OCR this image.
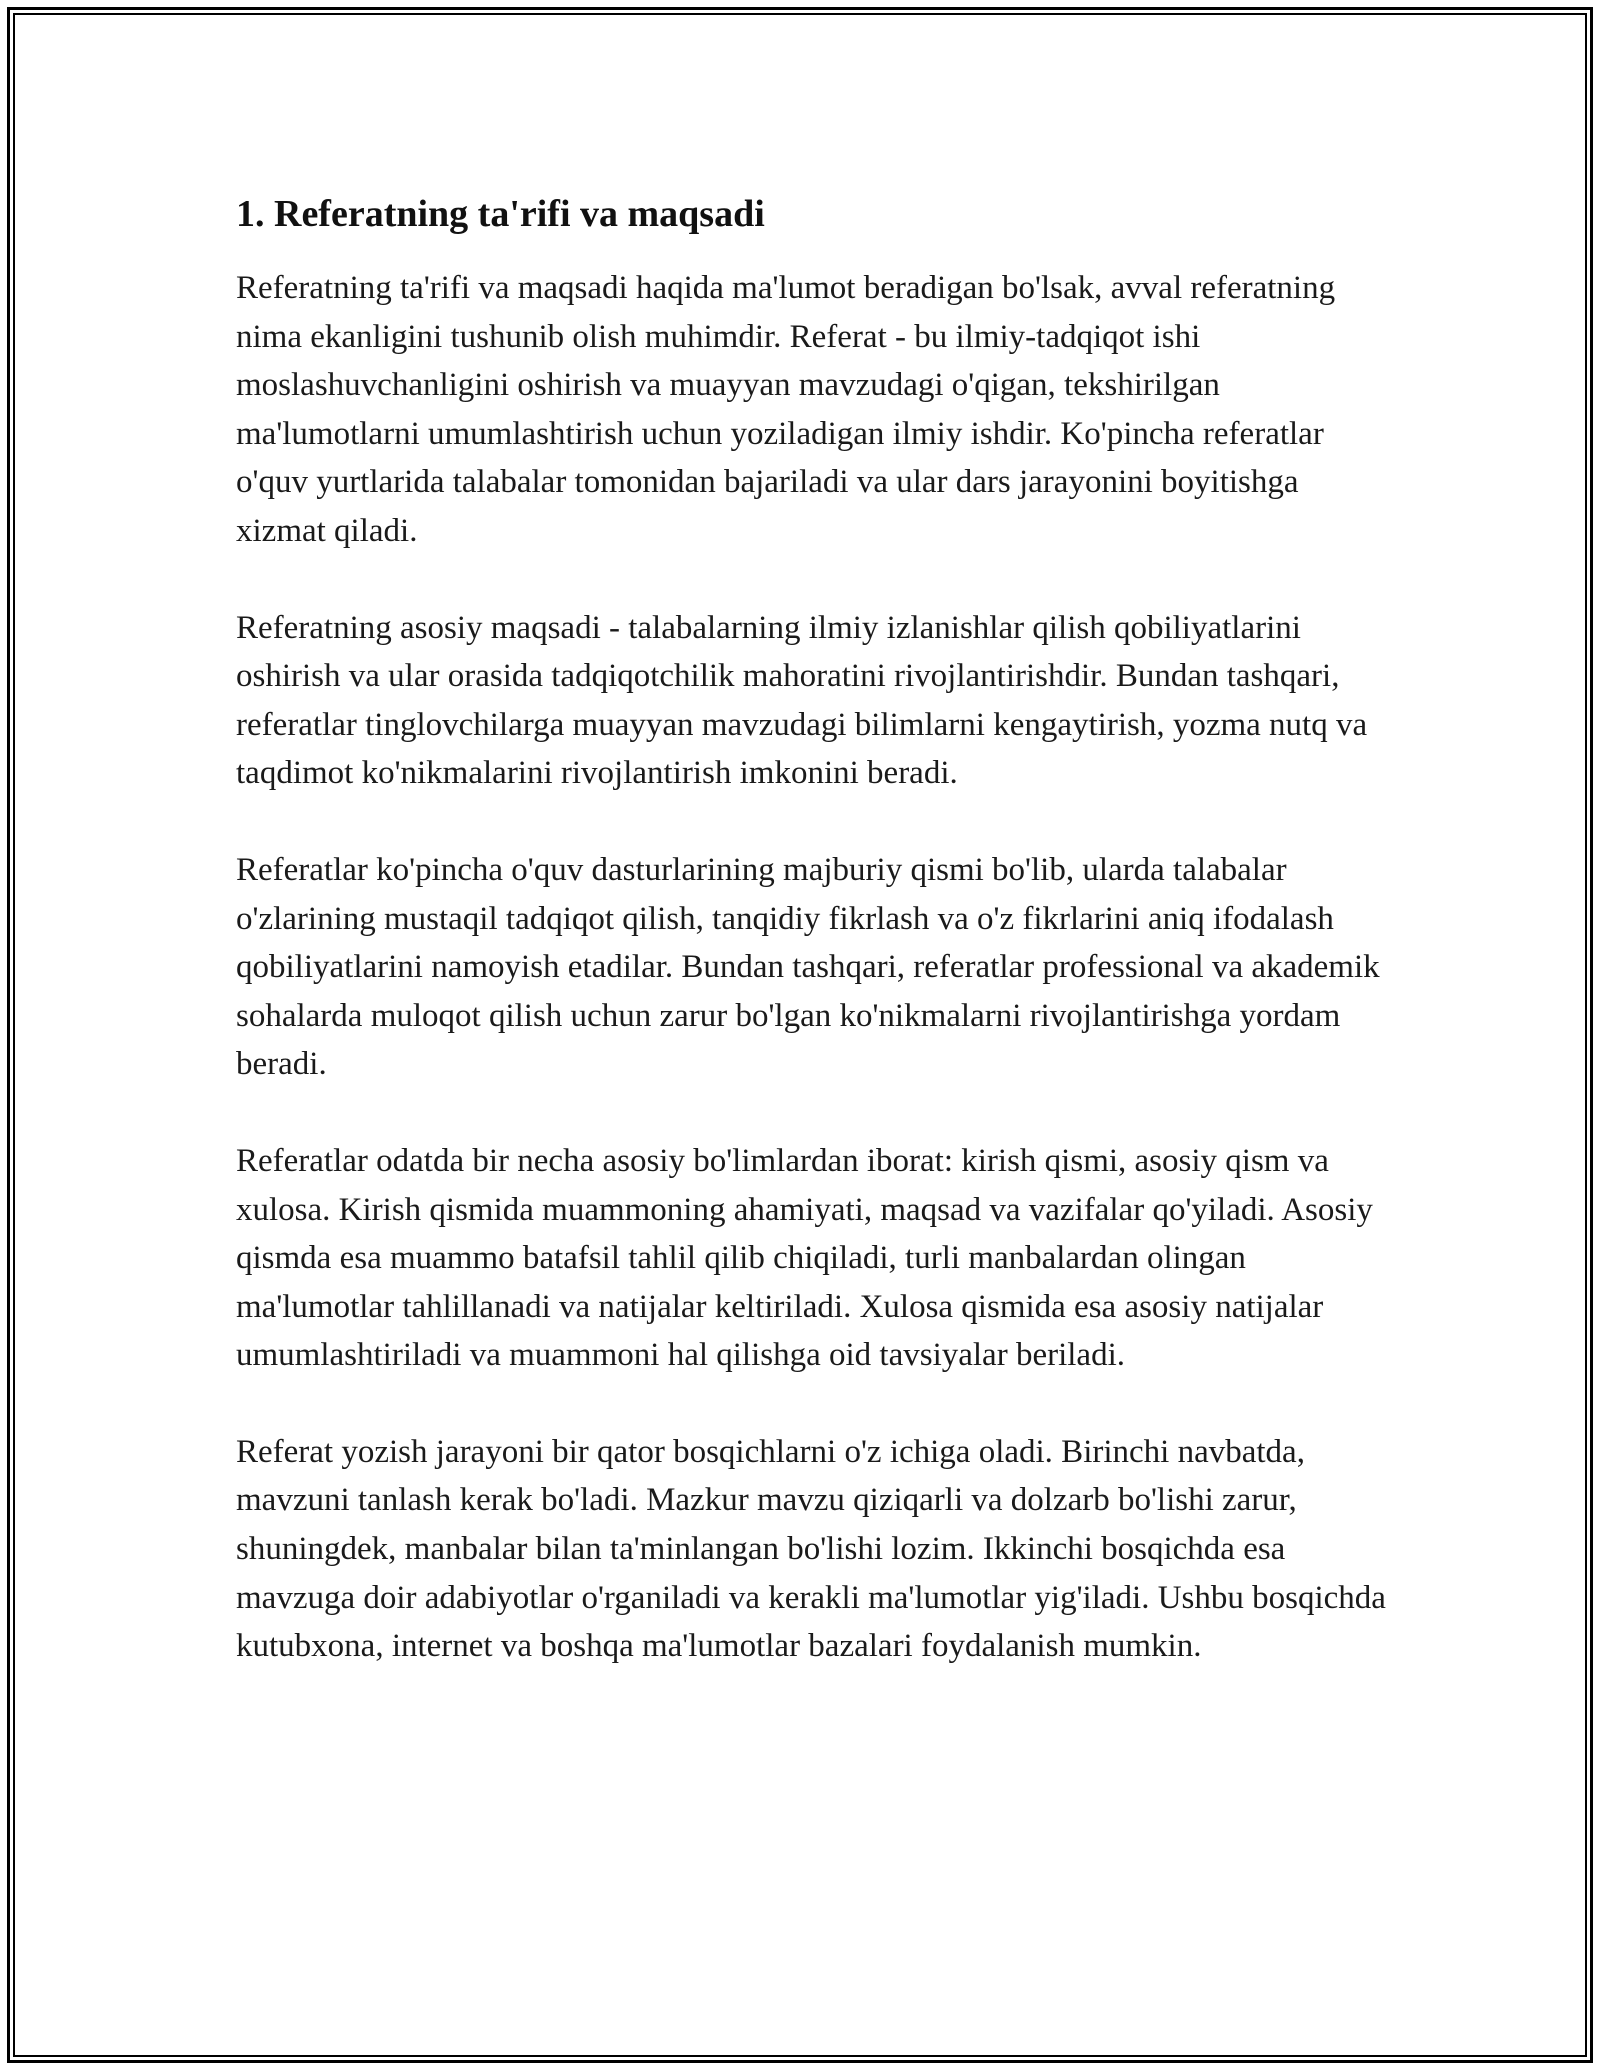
1. Referatning ta'rifi va maqsadi

Referatning ta'rifi va maqsadi haqida ma'lumot beradigan bo'lsak, avval referatning nima ekanligini tushunib olish muhimdir. Referat - bu ilmiy-tadqiqot ishi moslashuvchanligini oshirish va muayyan mavzudagi o'qigan, tekshirilgan ma'lumotlarni umumlashtirish uchun yoziladigan ilmiy ishdir. Ko'pincha referatlar o'quv yurtlarida talabalar tomonidan bajariladi va ular dars jarayonini boyitishga xizmat qiladi.

Referatning asosiy maqsadi - talabalarning ilmiy izlanishlar qilish qobiliyatlarini oshirish va ular orasida tadqiqotchilik mahoratini rivojlantirishdir. Bundan tashqari, referatlar tinglovchilarga muayyan mavzudagi bilimlarni kengaytirish, yozma nutq va taqdimot ko'nikmalarini rivojlantirish imkonini beradi.

Referatlar ko'pincha o'quv dasturlarining majburiy qismi bo'lib, ularda talabalar o'zlarining mustaqil tadqiqot qilish, tanqidiy fikrlash va o'z fikrlarini aniq ifodalash qobiliyatlarini namoyish etadilar. Bundan tashqari, referatlar professional va akademik sohalarda muloqot qilish uchun zarur bo'lgan ko'nikmalarni rivojlantirishga yordam beradi.

Referatlar odatda bir necha asosiy bo'limlardan iborat: kirish qismi, asosiy qism va xulosa. Kirish qismida muammoning ahamiyati, maqsad va vazifalar qo'yiladi. Asosiy qismda esa muammo batafsil tahlil qilib chiqiladi, turli manbalardan olingan ma'lumotlar tahlillanadi va natijalar keltiriladi. Xulosa qismida esa asosiy natijalar umumlashtiriladi va muammoni hal qilishga oid tavsiyalar beriladi.

Referat yozish jarayoni bir qator bosqichlarni o'z ichiga oladi. Birinchi navbatda, mavzuni tanlash kerak bo'ladi. Mazkur mavzu qiziqarli va dolzarb bo'lishi zarur, shuningdek, manbalar bilan ta'minlangan bo'lishi lozim. Ikkinchi bosqichda esa mavzuga doir adabiyotlar o'rganiladi va kerakli ma'lumotlar yig'iladi. Ushbu bosqichda kutubxona, internet va boshqa ma'lumotlar bazalari foydalanish mumkin.
